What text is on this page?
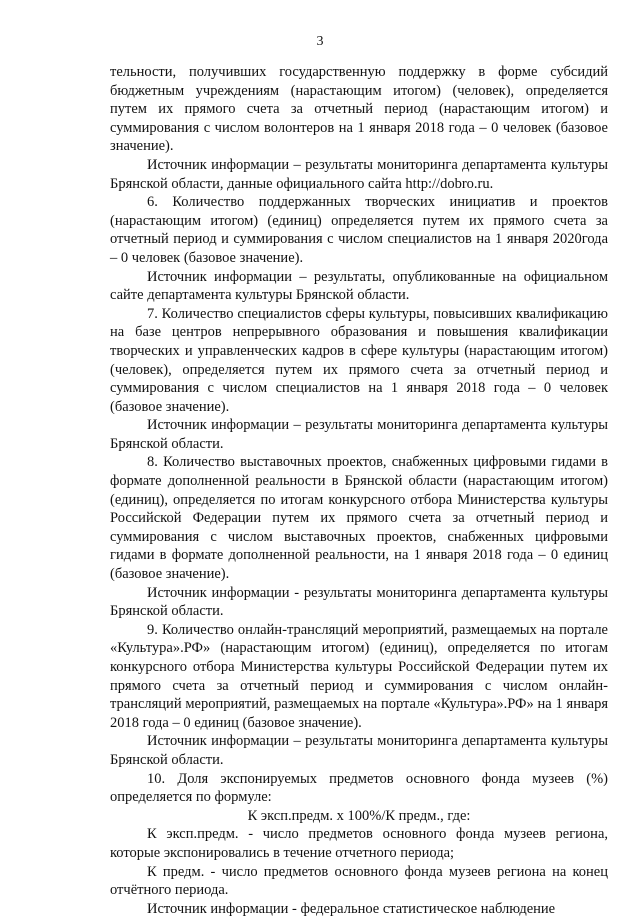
3

тельности, получивших государственную поддержку в форме субсидий бюджетным учреждениям (нарастающим итогом) (человек), определяется путем их прямого счета за отчетный период (нарастающим итогом) и суммирования с числом волонтеров на 1 января 2018 года – 0 человек (базовое значение).

Источник информации – результаты мониторинга департамента культуры Брянской области, данные официального сайта http://dobro.ru.

6. Количество поддержанных творческих инициатив и проектов (нарастающим итогом) (единиц) определяется путем их прямого счета за отчетный период и суммирования с числом специалистов на 1 января 2020года – 0 человек (базовое значение).

Источник информации – результаты, опубликованные на официальном сайте департамента культуры Брянской области.

7. Количество специалистов сферы культуры, повысивших квалификацию на базе центров непрерывного образования и повышения квалификации творческих и управленческих кадров в сфере культуры (нарастающим итогом) (человек), определяется путем их прямого счета за отчетный период и суммирования с числом специалистов на 1 января 2018 года – 0 человек (базовое значение).

Источник информации – результаты мониторинга департамента культуры Брянской области.

8. Количество выставочных проектов, снабженных цифровыми гидами в формате дополненной реальности в Брянской области (нарастающим итогом) (единиц), определяется по итогам конкурсного отбора Министерства культуры Российской Федерации путем их прямого счета за отчетный период и суммирования с числом выставочных проектов, снабженных цифровыми гидами в формате дополненной реальности, на 1 января 2018 года – 0 единиц (базовое значение).

Источник информации - результаты мониторинга департамента культуры Брянской области.

9. Количество онлайн-трансляций мероприятий, размещаемых на портале «Культура».РФ» (нарастающим итогом) (единиц), определяется по итогам конкурсного отбора Министерства культуры Российской Федерации путем их прямого счета за отчетный период и суммирования с числом онлайн-трансляций мероприятий, размещаемых на портале «Культура».РФ» на 1 января 2018 года – 0 единиц (базовое значение).

Источник информации – результаты мониторинга департамента культуры Брянской области.

10. Доля экспонируемых предметов основного фонда музеев (%) определяется по формуле:

К эксп.предм. х 100%/К предм., где:

К эксп.предм. - число предметов основного фонда музеев региона, которые экспонировались в течение отчетного периода;

К предм. - число предметов основного фонда музеев региона на конец отчётного периода.

Источник информации - федеральное статистическое наблюдение
